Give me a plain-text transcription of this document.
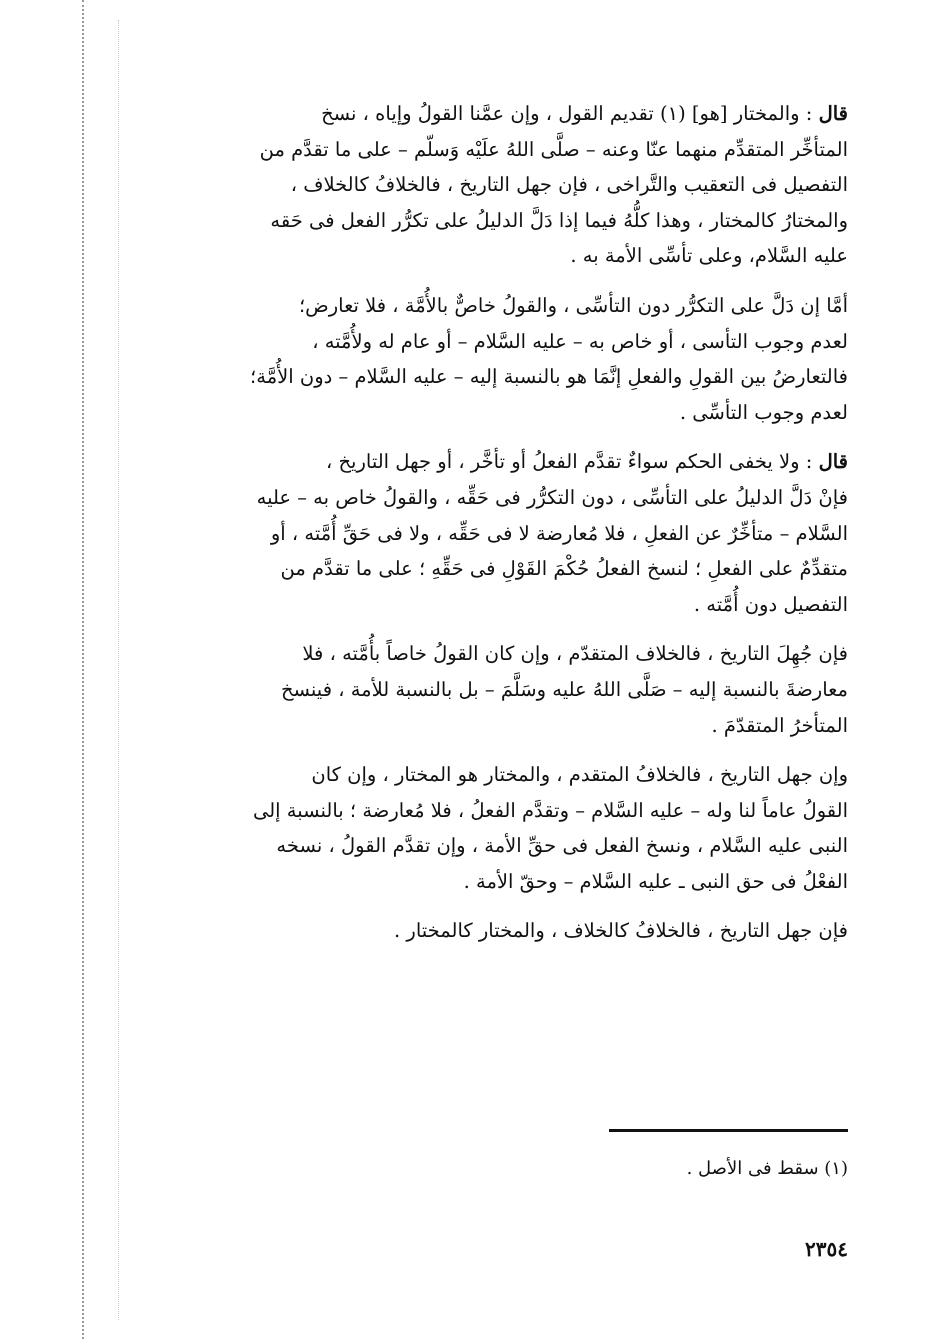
قال : والمختار [هو] (١) تقديم القول ، وإن عمَّنا القولُ وإياه ، نسخ

المتأخِّر المتقدِّم منهما عنّا وعنه – صلَّى اللهُ علَيْه وَسلّم – على ما تقدَّم من

التفصيل فى التعقيب والتَّراخى ، فإن جهل التاريخ ، فالخلافُ كالخلاف ،

والمختارُ كالمختار ، وهذا كلُّهُ فيما إذا دَلَّ الدليلُ على تكرُّر الفعل فى حَقه

عليه السَّلام، وعلى تأسِّى الأمة به .

أمَّا إن دَلَّ على التكرُّر دون التأسِّى ، والقولُ خاصٌّ بالأُمَّة ، فلا تعارض؛

لعدم وجوب التأسى ، أو خاص به – عليه السَّلام – أو عام له ولأُمَّته ،

فالتعارضُ بين القولِ والفعلِ إنَّمَا هو بالنسبة إليه – عليه السَّلام – دون الأُمَّة؛

لعدم وجوب التأسِّى .

قال : ولا يخفى الحكم سواءٌ تقدَّم الفعلُ أو تأخَّر ، أو جهل التاريخ ،

فإنْ دَلَّ الدليلُ على التأسِّى ، دون التكرُّر فى حَقِّه ، والقولُ خاص به – عليه

السَّلام – متأخِّرٌ عن الفعلِ ، فلا مُعارضة لا فى حَقِّه ، ولا فى حَقِّ أُمَّته ، أو

متقدِّمٌ على الفعلِ ؛ لنسخ الفعلُ حُكْمَ القَوْلِ فى حَقِّهِ ؛ على ما تقدَّم من

التفصيل دون أُمَّته .

فإن جُهِلَ التاريخ ، فالخلاف المتقدّم ، وإن كان القولُ خاصاً بأُمَّته ، فلا

معارضةَ بالنسبة إليه – صَلَّى اللهُ عليه وسَلَّمَ – بل بالنسبة للأمة ، فينسخ

المتأخرُ المتقدّمَ .

وإن جهل التاريخ ، فالخلافُ المتقدم ، والمختار هو المختار ، وإن كان

القولُ عاماً لنا وله – عليه السَّلام – وتقدَّم الفعلُ ، فلا مُعارضة ؛ بالنسبة إلى

النبى عليه السَّلام ، ونسخ الفعل فى حقِّ الأمة ، وإن تقدَّم القولُ ، نسخه

الفعْلُ فى حق النبى ـ عليه السَّلام – وحقّ الأمة .

فإن جهل التاريخ ، فالخلافُ كالخلاف ، والمختار كالمختار .

(١) سقط فى الأصل .
٢٣٥٤
